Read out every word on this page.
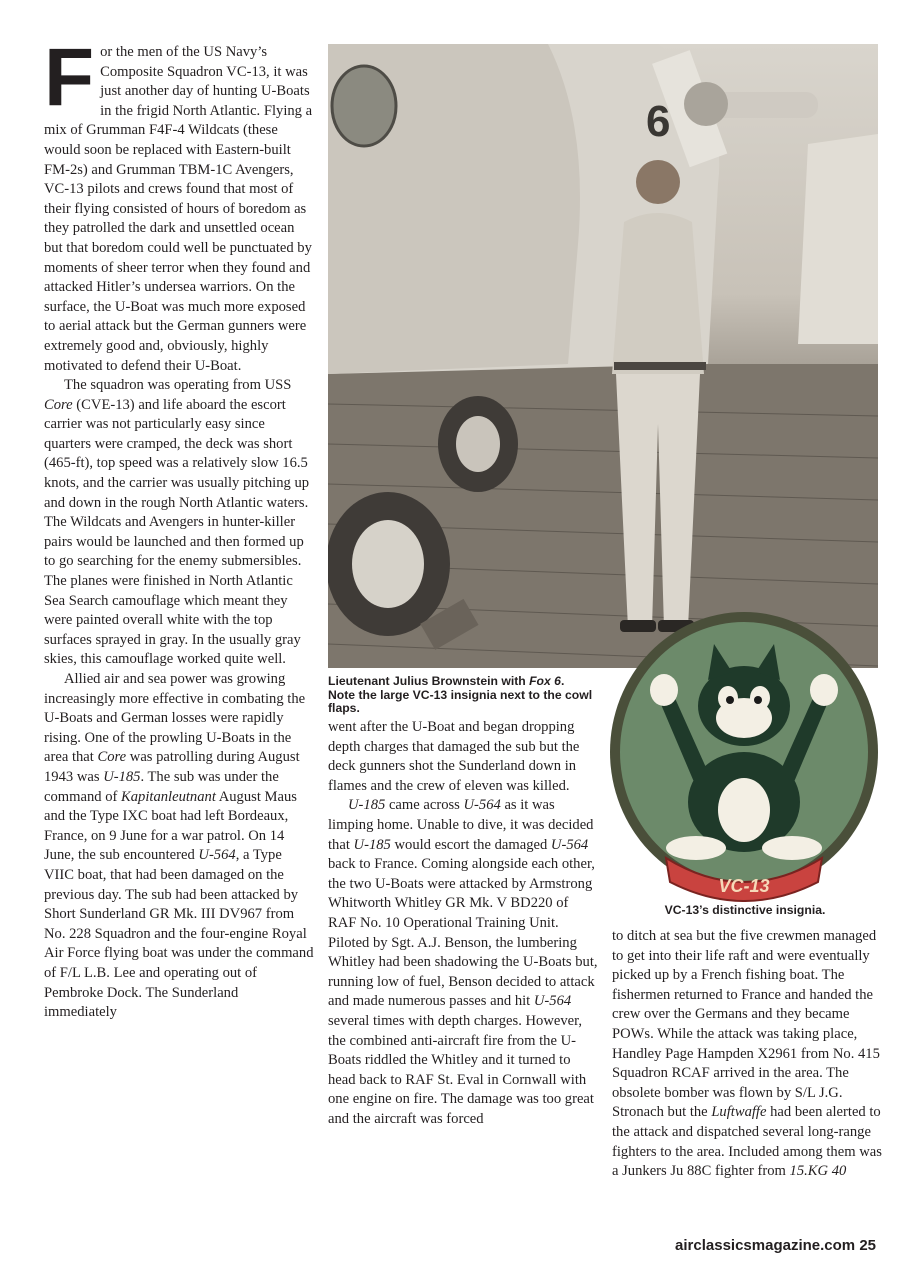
For the men of the US Navy’s Composite Squadron VC-13, it was just another day of hunting U-Boats in the frigid North Atlantic. Flying a mix of Grumman F4F-4 Wildcats (these would soon be replaced with Eastern-built FM-2s) and Grumman TBM-1C Avengers, VC-13 pilots and crews found that most of their flying consisted of hours of boredom as they patrolled the dark and unsettled ocean but that boredom could well be punctuated by moments of sheer terror when they found and attacked Hitler’s undersea warriors. On the surface, the U-Boat was much more exposed to aerial attack but the German gunners were extremely good and, obviously, highly motivated to defend their U-Boat.

The squadron was operating from USS Core (CVE-13) and life aboard the escort carrier was not particularly easy since quarters were cramped, the deck was short (465-ft), top speed was a relatively slow 16.5 knots, and the carrier was usually pitching up and down in the rough North Atlantic waters. The Wildcats and Avengers in hunter-killer pairs would be launched and then formed up to go searching for the enemy submersibles. The planes were finished in North Atlantic Sea Search camouflage which meant they were painted overall white with the top surfaces sprayed in gray. In the usually gray skies, this camouflage worked quite well.

Allied air and sea power was growing increasingly more effective in combating the U-Boats and German losses were rapidly rising. One of the prowling U-Boats in the area that Core was patrolling during August 1943 was U-185. The sub was under the command of Kapitanleutnant August Maus and the Type IXC boat had left Bordeaux, France, on 9 June for a war patrol. On 14 June, the sub encountered U-564, a Type VIIC boat, that had been damaged on the previous day. The sub had been attacked by Short Sunderland GR Mk. III DV967 from No. 228 Squadron and the four-engine Royal Air Force flying boat was under the command of F/L L.B. Lee and operating out of Pembroke Dock. The Sunderland immediately

6
Lieutenant Julius Brownstein with Fox 6. Note the large VC-13 insignia next to the cowl flaps.

went after the U-Boat and began dropping depth charges that damaged the sub but the deck gunners shot the Sunderland down in flames and the crew of eleven was killed.

U-185 came across U-564 as it was limping home. Unable to dive, it was decided that U-185 would escort the damaged U-564 back to France. Coming alongside each other, the two U-Boats were attacked by Armstrong Whitworth Whitley GR Mk. V BD220 of RAF No. 10 Operational Training Unit. Piloted by Sgt. A.J. Benson, the lumbering Whitley had been shadowing the U-Boats but, running low of fuel, Benson decided to attack and made numerous passes and hit U-564 several times with depth charges. However, the combined anti-aircraft fire from the U-Boats riddled the Whitley and it turned to head back to RAF St. Eval in Cornwall with one engine on fire. The damage was too great and the aircraft was forced

VC-13
VC-13’s distinctive insignia.

to ditch at sea but the five crewmen managed to get into their life raft and were eventually picked up by a French fishing boat. The fishermen returned to France and handed the crew over the Germans and they became POWs. While the attack was taking place, Handley Page Hampden X2961 from No. 415 Squadron RCAF arrived in the area. The obsolete bomber was flown by S/L J.G. Stronach but the Luftwaffe had been alerted to the attack and dispatched several long-range fighters to the area. Included among them was a Junkers Ju 88C fighter from 15.KG 40

airclassicsmagazine.com 25
